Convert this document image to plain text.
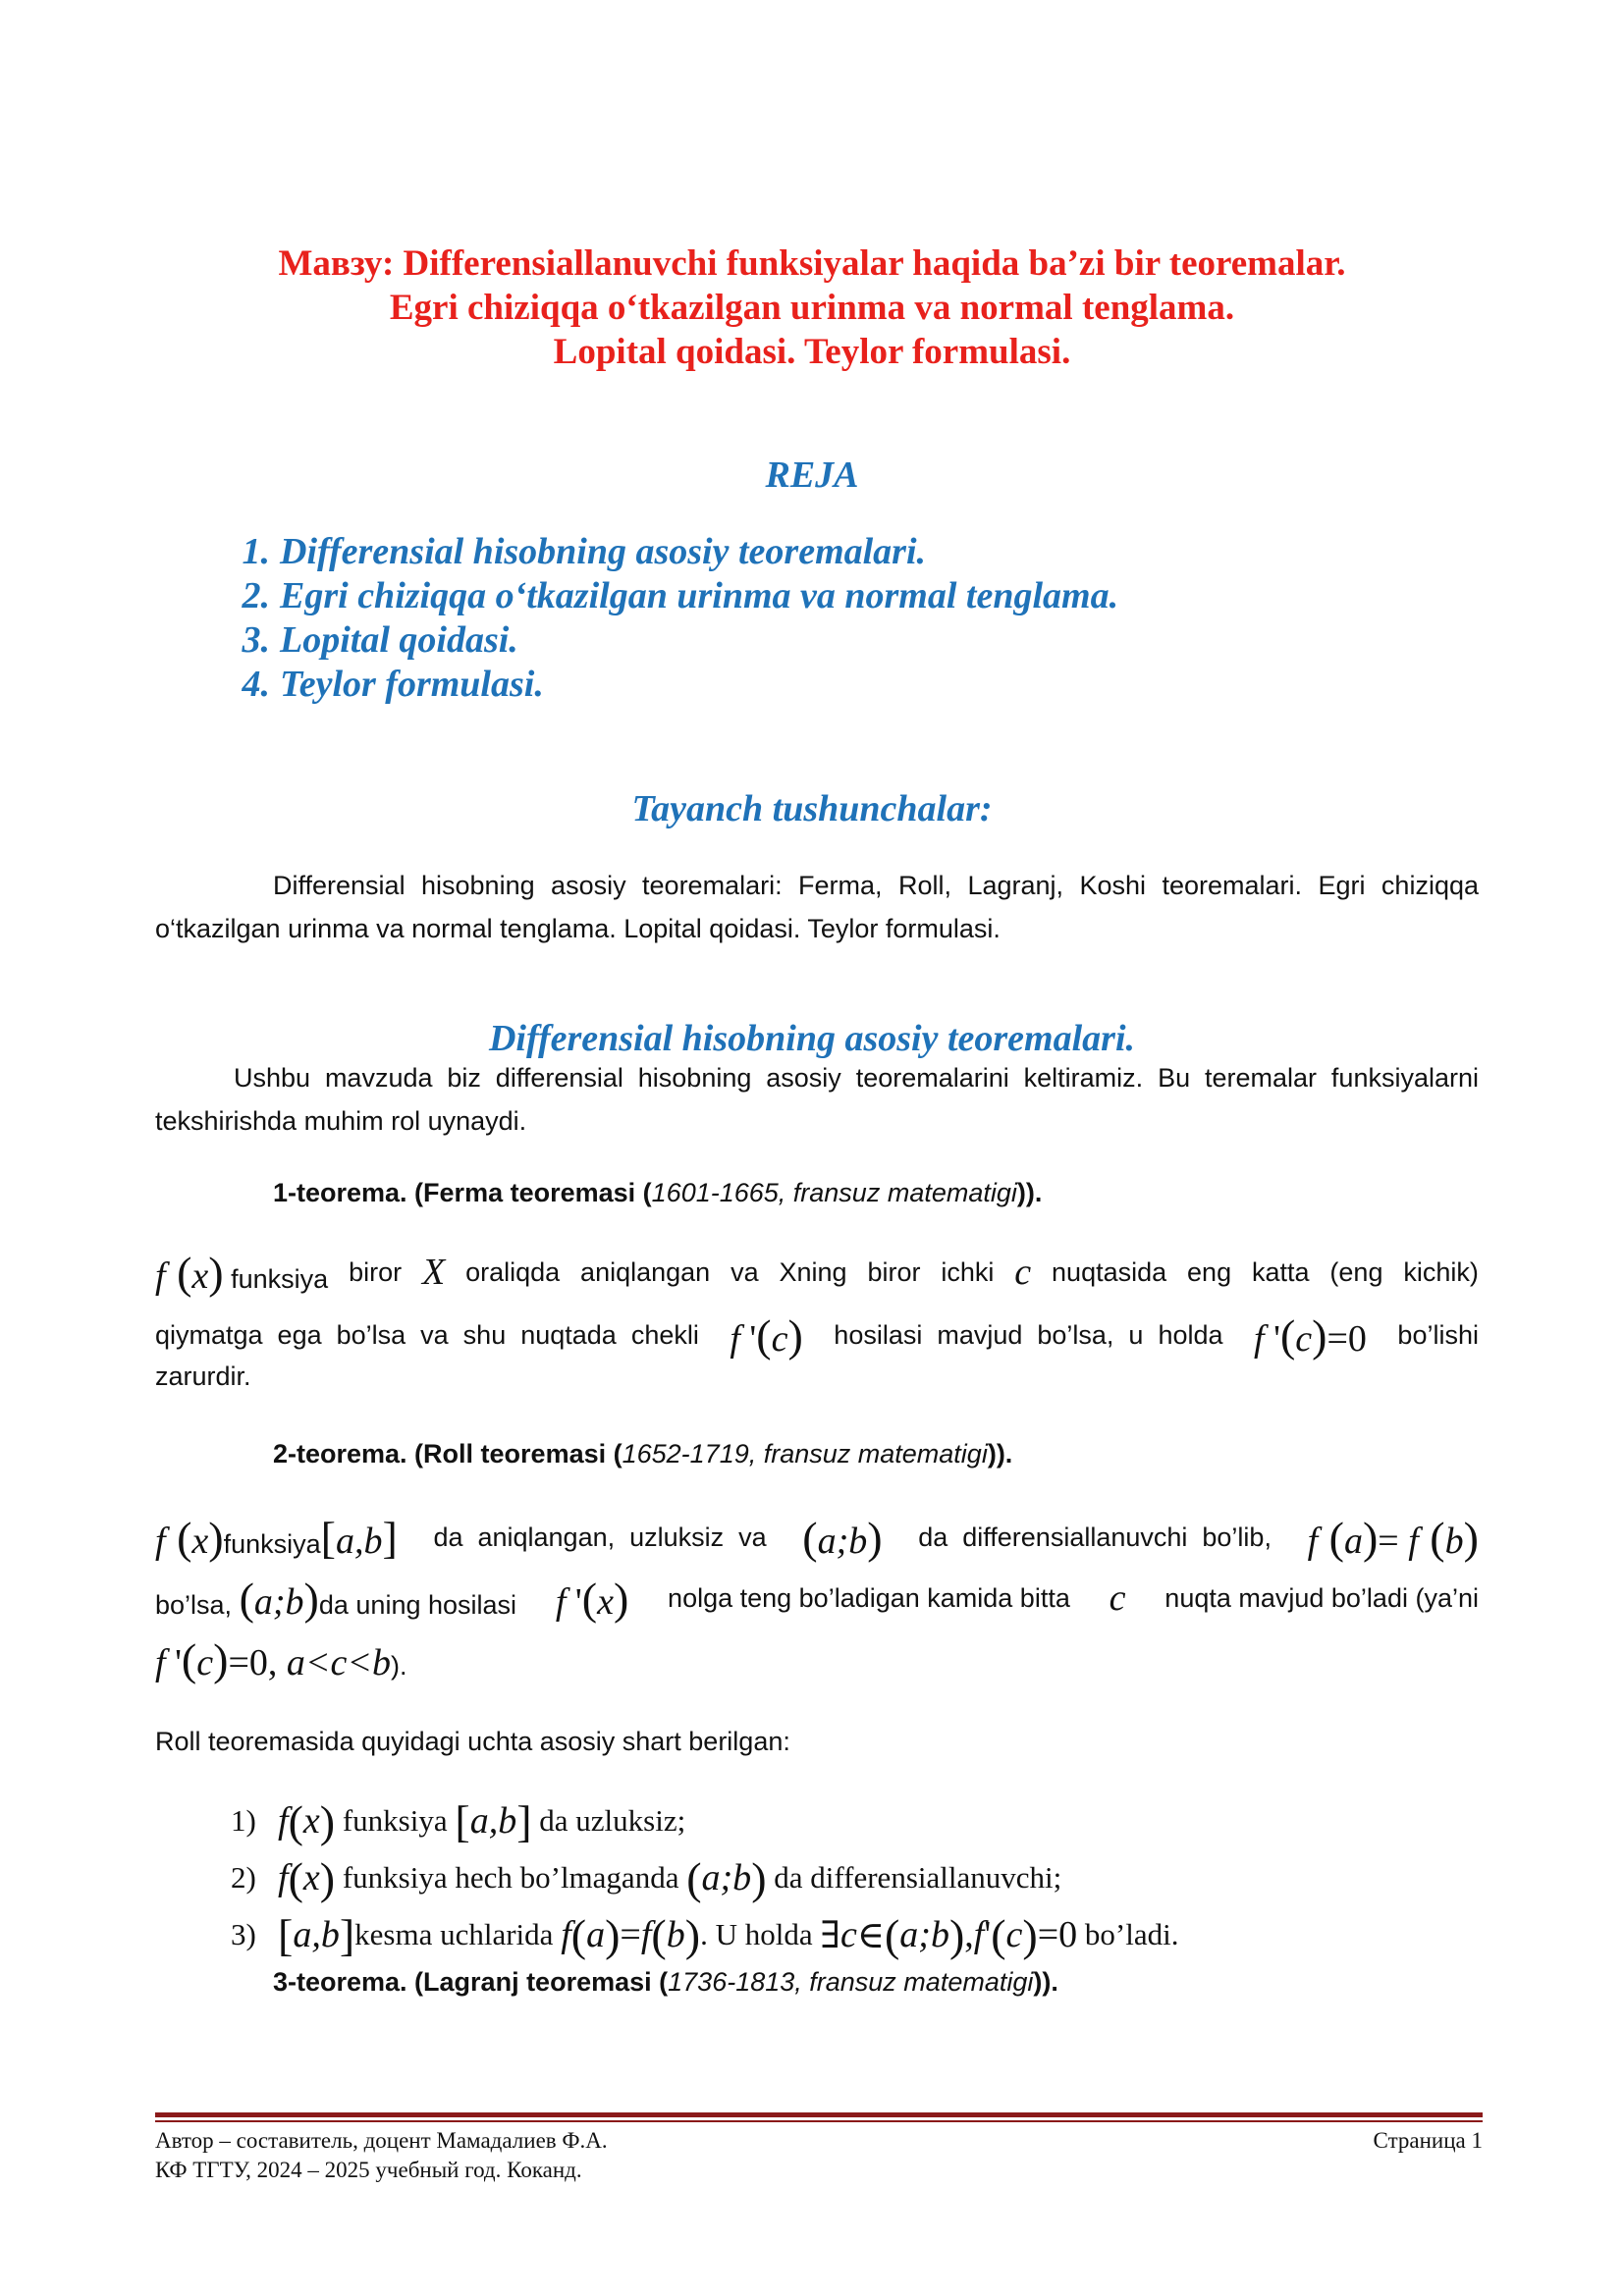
Мавзу: Differensiallanuvchi funksiyalar haqida ba’zi bir teoremalar.
Egri chiziqqa o‘tkazilgan urinma va normal tenglama.
Lopital qoidasi. Teylor formulasi.
REJA
1. Differensial hisobning asosiy teoremalari.
2. Egri chiziqqa o‘tkazilgan urinma va normal tenglama.
3. Lopital qoidasi.
4. Teylor formulasi.
Tayanch tushunchalar:
Differensial hisobning asosiy teoremalari: Ferma, Roll, Lagranj, Koshi teoremalari. Egri chiziqqa o‘tkazilgan urinma va normal tenglama. Lopital qoidasi. Teylor formulasi.
Differensial hisobning asosiy teoremalari.
Ushbu mavzuda biz differensial hisobning asosiy teoremalarini keltiramiz. Bu teremalar funksiyalarni tekshirishda muhim rol uynaydi.
1-teorema. (Ferma teoremasi (1601-1665, fransuz matematigi)).
f (x) funksiya biror X oraliqda aniqlangan va Xning biror ichki c nuqtasida eng katta (eng kichik)
qiymatga  ega  bo’lsa  va  shu  nuqtada  chekli f '(c) hosilasi  mavjud  bo’lsa,  u  holda f '(c)=0 bo’lishi
zarurdir.
2-teorema. (Roll teoremasi (1652-1719, fransuz matematigi)).
f (x)funksiya[a,b] da  aniqlangan,  uzluksiz  va (a;b) da  differensiallanuvchi  bo’lib, f (a)= f (b)
bo’lsa, (a;b)da uning hosilasi f '(x) nolga teng bo’ladigan kamida bitta c nuqta mavjud bo’ladi (ya’ni
f '(c)=0, a<c<b).
Roll teoremasida quyidagi uchta asosiy shart berilgan:
1) f ( x )
funksiya
[ a,b ]
da uzluksiz;
2) f ( x )
funksiya hech bo’lmaganda
( a;b )
da differensiallanuvchi;
3) [ a,b ] kesma uchlarida
f ( a ) = f ( b ) . U holda
∃ c ∈ ( a;b ) , f ' ( c ) =0
bo’ladi.
3-teorema. (Lagranj teoremasi (1736-1813, fransuz matematigi)).
Автор – составитель, доцент Мамадалиев Ф.А.	Страница 1
КФ ТГТУ, 2024 – 2025 учебный год. Коканд.
